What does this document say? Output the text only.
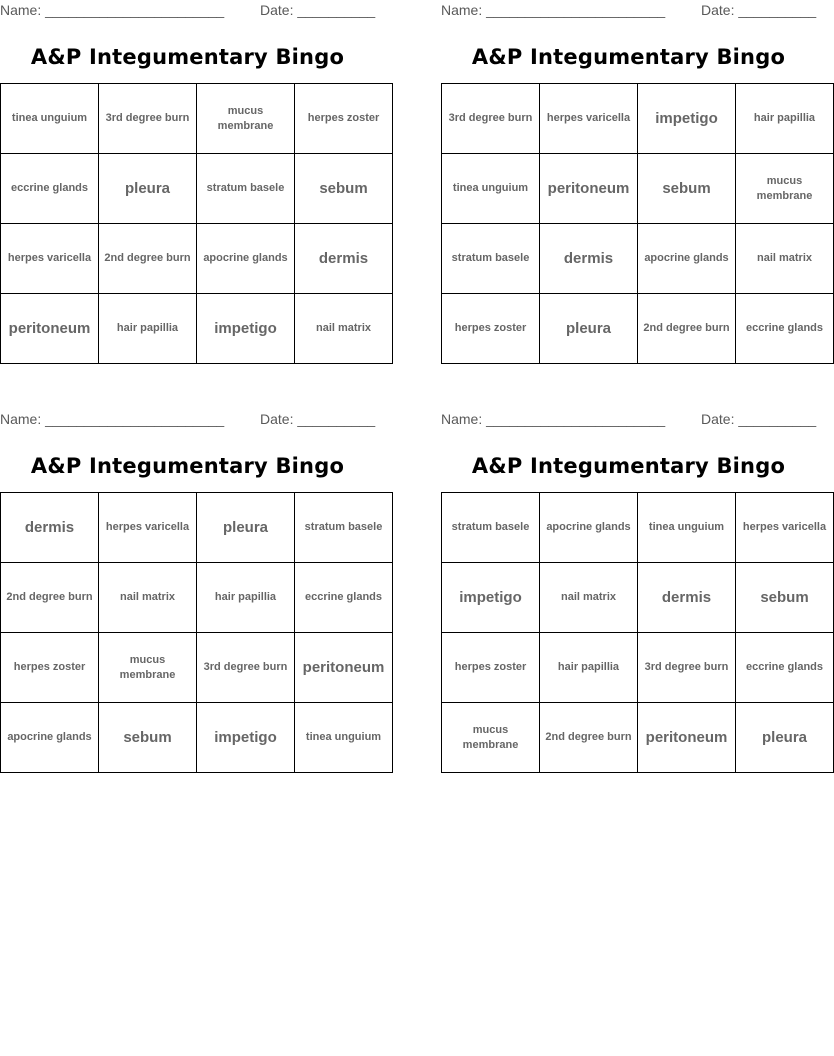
Name: _______________________	Date: __________
A&P Integumentary Bingo
tinea unguium	3rd degree burn	mucus membrane	herpes zoster
eccrine glands	pleura	stratum basele	sebum
herpes varicella	2nd degree burn	apocrine glands	dermis
peritoneum	hair papillia	impetigo	nail matrix
Name: _______________________	Date: __________
A&P Integumentary Bingo
3rd degree burn	herpes varicella	impetigo	hair papillia
tinea unguium	peritoneum	sebum	mucus membrane
stratum basele	dermis	apocrine glands	nail matrix
herpes zoster	pleura	2nd degree burn	eccrine glands
Name: _______________________	Date: __________
A&P Integumentary Bingo
dermis	herpes varicella	pleura	stratum basele
2nd degree burn	nail matrix	hair papillia	eccrine glands
herpes zoster	mucus membrane	3rd degree burn	peritoneum
apocrine glands	sebum	impetigo	tinea unguium
Name: _______________________	Date: __________
A&P Integumentary Bingo
stratum basele	apocrine glands	tinea unguium	herpes varicella
impetigo	nail matrix	dermis	sebum
herpes zoster	hair papillia	3rd degree burn	eccrine glands
mucus membrane	2nd degree burn	peritoneum	pleura
